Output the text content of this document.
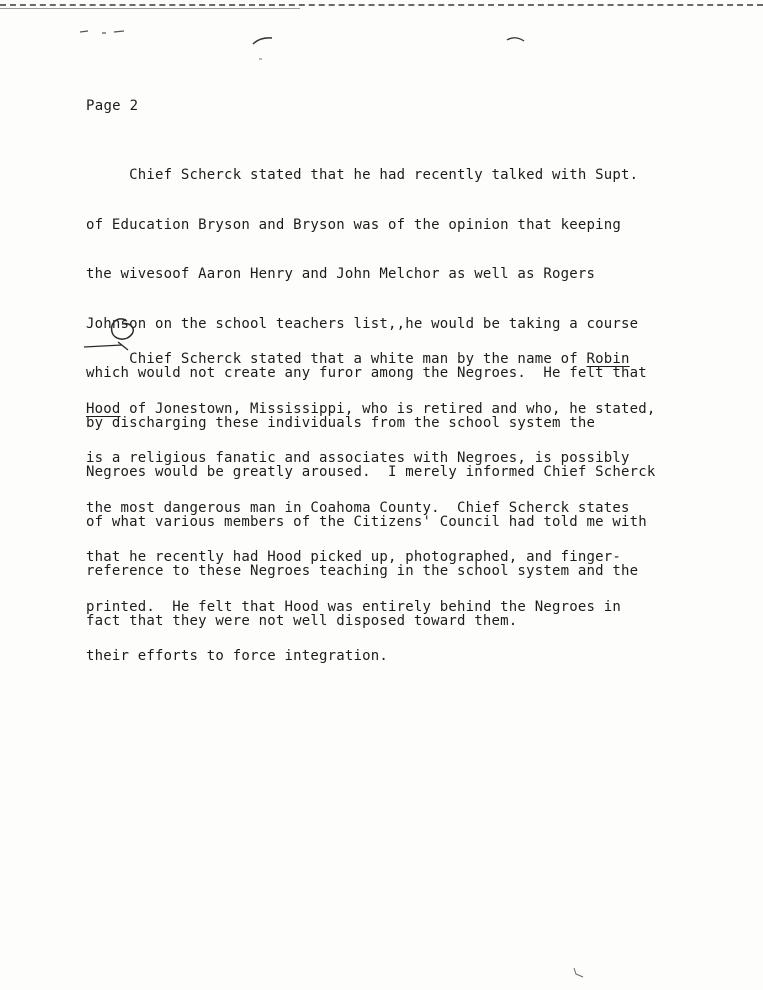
Page 2

Chief Scherck stated that he had recently talked with Supt.

of Education Bryson and Bryson was of the opinion that keeping

the wivesoof Aaron Henry and John Melchor as well as Rogers

Johnson on the school teachers list,,he would be taking a course

which would not create any furor among the Negroes.  He felt that

by discharging these individuals from the school system the

Negroes would be greatly aroused.  I merely informed Chief Scherck

of what various members of the Citizens' Council had told me with

reference to these Negroes teaching in the school system and the

fact that they were not well disposed toward them.

Chief Scherck stated that a white man by the name of Robin

Hood of Jonestown, Mississippi, who is retired and who, he stated,

is a religious fanatic and associates with Negroes, is possibly

the most dangerous man in Coahoma County.  Chief Scherck states

that he recently had Hood picked up, photographed, and finger-

printed.  He felt that Hood was entirely behind the Negroes in

their efforts to force integration.
